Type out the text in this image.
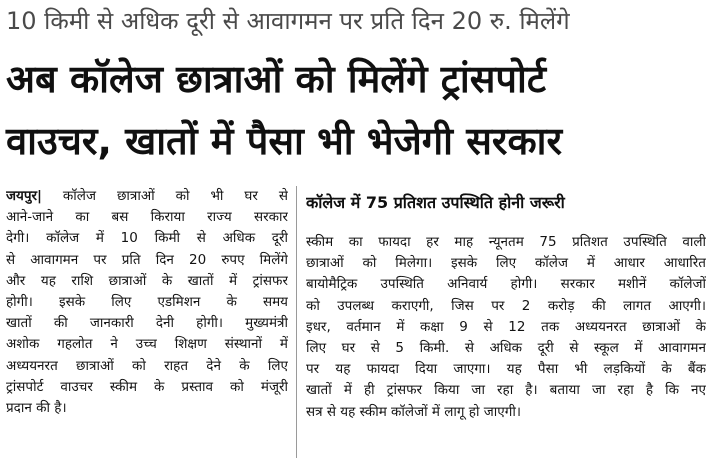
10 किमी से अधिक दूरी से आवागमन पर प्रति दिन 20 रु. मिलेंगे
अब कॉलेज छात्राओं को मिलेंगे ट्रांसपोर्ट
वाउचर, खातों में पैसा भी भेजेगी सरकार
जयपुर| कॉलेज छात्राओं को भी घर से
आने-जाने का बस किराया राज्य सरकार
देगी। कॉलेज में 10 किमी से अधिक दूरी
से आवागमन पर प्रति दिन 20 रुपए मिलेंगे
और यह राशि छात्राओं के खातों में ट्रांसफर
होगी। इसके लिए एडमिशन के समय
खातों की जानकारी देनी होगी। मुख्यमंत्री
अशोक गहलोत ने उच्च शिक्षण संस्थानों में
अध्ययनरत छात्राओं को राहत देने के लिए
ट्रांसपोर्ट वाउचर स्कीम के प्रस्ताव को मंजूरी
प्रदान की है।
कॉलेज में 75 प्रतिशत उपस्थिति होनी जरूरी
स्कीम का फायदा हर माह न्यूनतम 75 प्रतिशत उपस्थिति वाली
छात्राओं को मिलेगा। इसके लिए कॉलेज में आधार आधारित
बायोमैट्रिक उपस्थिति अनिवार्य होगी। सरकार मशीनें कॉलेजों
को उपलब्ध कराएगी, जिस पर 2 करोड़ की लागत आएगी।
इधर, वर्तमान में कक्षा 9 से 12 तक अध्ययनरत छात्राओं के
लिए घर से 5 किमी. से अधिक दूरी से स्कूल में आवागमन
पर यह फायदा दिया जाएगा। यह पैसा भी लड़कियों के बैंक
खातों में ही ट्रांसफर किया जा रहा है। बताया जा रहा है कि नए
सत्र से यह स्कीम कॉलेजों में लागू हो जाएगी।
